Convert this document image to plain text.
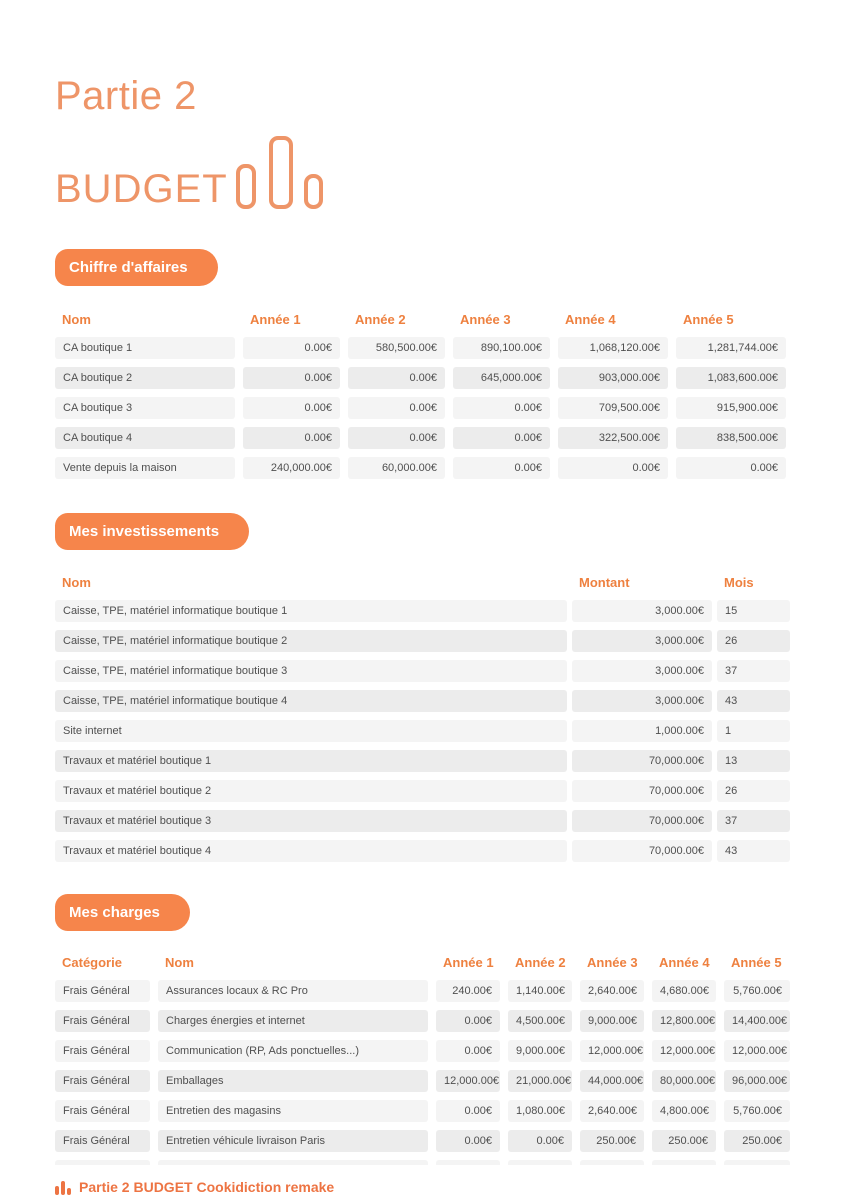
Partie 2
BUDGET
Chiffre d'affaires
Nom	Année 1	Année 2	Année 3	Année 4	Année 5
CA boutique 1	0.00€	580,500.00€	890,100.00€	1,068,120.00€	1,281,744.00€
CA boutique 2	0.00€	0.00€	645,000.00€	903,000.00€	1,083,600.00€
CA boutique 3	0.00€	0.00€	0.00€	709,500.00€	915,900.00€
CA boutique 4	0.00€	0.00€	0.00€	322,500.00€	838,500.00€
Vente depuis la maison	240,000.00€	60,000.00€	0.00€	0.00€	0.00€
Mes investissements
Nom	Montant	Mois
Caisse, TPE, matériel informatique boutique 1	3,000.00€	15
Caisse, TPE, matériel informatique boutique 2	3,000.00€	26
Caisse, TPE, matériel informatique boutique 3	3,000.00€	37
Caisse, TPE, matériel informatique boutique 4	3,000.00€	43
Site internet	1,000.00€	1
Travaux et matériel boutique 1	70,000.00€	13
Travaux et matériel boutique 2	70,000.00€	26
Travaux et matériel boutique 3	70,000.00€	37
Travaux et matériel boutique 4	70,000.00€	43
Mes charges
Catégorie	Nom	Année 1	Année 2	Année 3	Année 4	Année 5
Frais Général	Assurances locaux & RC Pro	240.00€	1,140.00€	2,640.00€	4,680.00€	5,760.00€
Frais Général	Charges énergies et internet	0.00€	4,500.00€	9,000.00€	12,800.00€	14,400.00€
Frais Général	Communication (RP, Ads ponctuelles...)	0.00€	9,000.00€	12,000.00€	12,000.00€	12,000.00€
Frais Général	Emballages	12,000.00€	21,000.00€	44,000.00€	80,000.00€	96,000.00€
Frais Général	Entretien des magasins	0.00€	1,080.00€	2,640.00€	4,800.00€	5,760.00€
Frais Général	Entretien véhicule livraison Paris	0.00€	0.00€	250.00€	250.00€	250.00€
Partie 2 BUDGET Cookidiction remake
